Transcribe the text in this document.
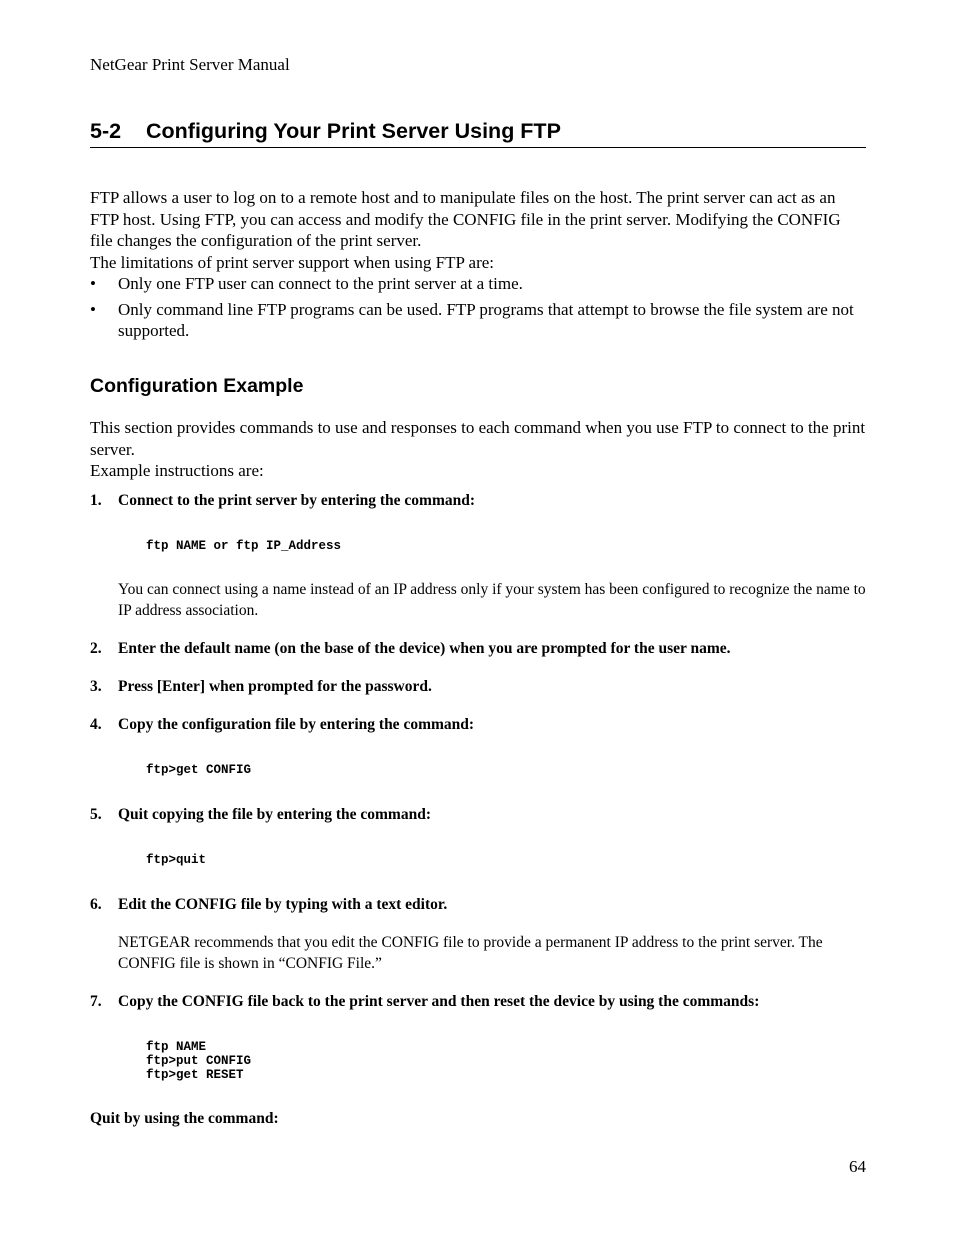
NetGear Print Server Manual
5-2 Configuring Your Print Server Using FTP

FTP allows a user to log on to a remote host and to manipulate files on the host. The print server can act as an FTP host. Using FTP, you can access and modify the CONFIG file in the print server. Modifying the CONFIG file changes the configuration of the print server.

The limitations of print server support when using FTP are:

• Only one FTP user can connect to the print server at a time.
• Only command line FTP programs can be used. FTP programs that attempt to browse the file system are not supported.
Configuration Example

This section provides commands to use and responses to each command when you use FTP to connect to the print server.

Example instructions are:

1.	Connect to the print server by entering the command:
ftp NAME or ftp IP_Address
You can connect using a name instead of an IP address only if your system has been configured to recognize the name to IP address association.
2.	Enter the default name (on the base of the device) when you are prompted for the user name.
3.	Press [Enter] when prompted for the password.
4.	Copy the configuration file by entering the command:
ftp>get CONFIG
5.	Quit copying the file by entering the command:
ftp>quit
6.	Edit the CONFIG file by typing with a text editor.
NETGEAR recommends that you edit the CONFIG file to provide a permanent IP address to the print server. The CONFIG file is shown in “CONFIG File.”
7.	Copy the CONFIG file back to the print server and then reset the device by using the commands:
ftp NAME
ftp>put CONFIG
ftp>get RESET
Quit by using the command:
64
